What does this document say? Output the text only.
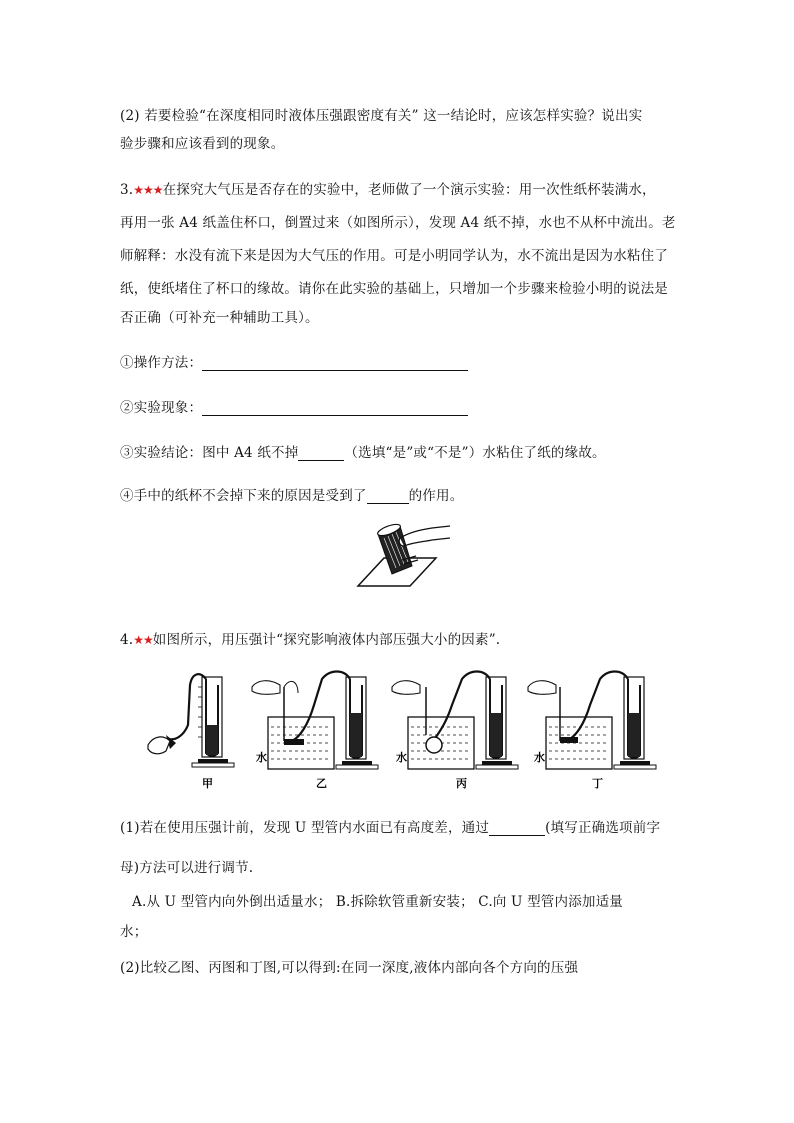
(2) 若要检验“在深度相同时液体压强跟密度有关” 这一结论时，应该怎样实验？说出实
验步骤和应该看到的现象。
3.★★★在探究大气压是否存在的实验中，老师做了一个演示实验：用一次性纸杯装满水，
再用一张 A4 纸盖住杯口，倒置过来（如图所示），发现 A4 纸不掉，水也不从杯中流出。老
师解释：水没有流下来是因为大气压的作用。可是小明同学认为，水不流出是因为水粘住了
纸，使纸堵住了杯口的缘故。请你在此实验的基础上，只增加一个步骤来检验小明的说法是
否正确（可补充一种辅助工具）。
①操作方法：
②实验现象：
③实验结论：图中 A4 纸不掉	（选填“是”或“不是”）水粘住了纸的缘故。
④手中的纸杯不会掉下来的原因是受到了	的作用。
4.★★如图所示，用压强计“探究影响液体内部压强大小的因素”.
水	水	水
甲	乙	丙	丁
(1)若在使用压强计前，发现 U 型管内水面已有高度差，通过	(填写正确选项前字
母)方法可以进行调节.
A.从 U 型管内向外倒出适量水； B.拆除软管重新安装； C.向 U 型管内添加适量
水；
(2)比较乙图、丙图和丁图,可以得到:在同一深度,液体内部向各个方向的压强
